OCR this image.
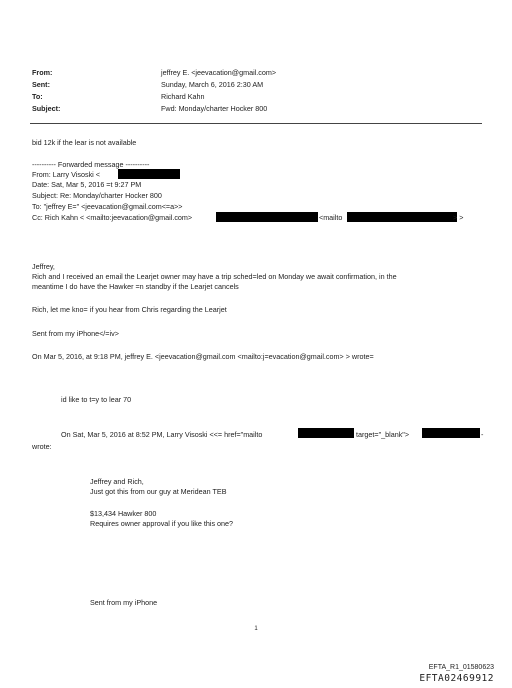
From:	jeffrey E. <jeevacation@gmail.com>
Sent:	Sunday, March 6, 2016 2:30 AM
To:	Richard Kahn
Subject:	Fwd: Monday/charter Hocker 800
bid 12k if the lear is not available
---------- Forwarded message ----------
From: Larry Visoski <
Date: Sat, Mar 5, 2016 =t 9:27 PM
Subject: Re: Monday/charter Hocker 800
To: "jeffrey E=" <jeevacation@gmail.com<=a>>
Cc: Rich Kahn < <mailto:jeevacation@gmail.com>	<mailto	> >
Jeffrey,
Rich and I received an email the Learjet owner may have a trip sched=led on Monday we await confirmation, in the
meantime I do have the Hawker =n standby if the Learjet cancels
Rich, let me kno= if you hear from Chris regarding the Learjet
Sent from my iPhone</=iv>
On Mar 5, 2016, at 9:18 PM, jeffrey E. <jeevacation@gmail.com <mailto:j=evacation@gmail.com> > wrote=
id like to t=y to lear 70
On Sat, Mar 5, 2016 at 8:52 PM, Larry Visoski <<= href="mailto	target="_blank">	-
wrote:
Jeffrey and Rich,
Just got this from our guy at Meridean TEB
$13,434 Hawker 800
Requires owner approval if you like this one?
Sent from my iPhone
1
EFTA_R1_01580623
EFTA02469912
